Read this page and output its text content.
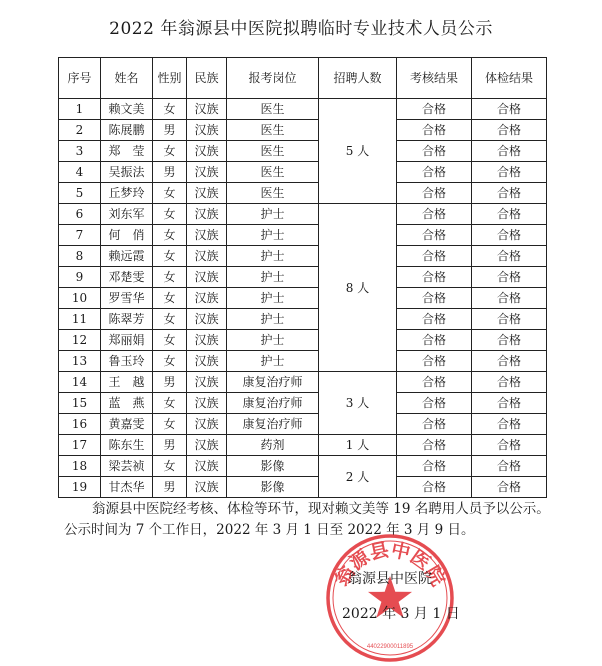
2022 年翁源县中医院拟聘临时专业技术人员公示
序号	姓名	性别	民族	报考岗位	招聘人数	考核结果	体检结果
1	赖文美	女	汉族	医生	5 人	合格	合格
2	陈展鹏	男	汉族	医生		合格	合格
3	郑　莹	女	汉族	医生		合格	合格
4	吴振法	男	汉族	医生		合格	合格
5	丘梦玲	女	汉族	医生		合格	合格
6	刘东军	女	汉族	护士	8 人	合格	合格
7	何　俏	女	汉族	护士		合格	合格
8	赖远霞	女	汉族	护士		合格	合格
9	邓楚雯	女	汉族	护士		合格	合格
10	罗雪华	女	汉族	护士		合格	合格
11	陈翠芳	女	汉族	护士		合格	合格
12	郑丽娟	女	汉族	护士		合格	合格
13	鲁玉玲	女	汉族	护士		合格	合格
14	王　越	男	汉族	康复治疗师	3 人	合格	合格
15	蓝　燕	女	汉族	康复治疗师		合格	合格
16	黄嘉雯	女	汉族	康复治疗师		合格	合格
17	陈东生	男	汉族	药剂	1 人	合格	合格
18	梁芸祯	女	汉族	影像	2 人	合格	合格
19	甘杰华	男	汉族	影像		合格	合格
翁源县中医院经考核、体检等环节，现对赖文美等 19 名聘用人员予以公示。公示时间为 7 个工作日，2022 年 3 月 1 日至 2022 年 3 月 9 日。
翁源县中医院
44022900011895
翁源县中医院
2022 年 3 月 1 日
